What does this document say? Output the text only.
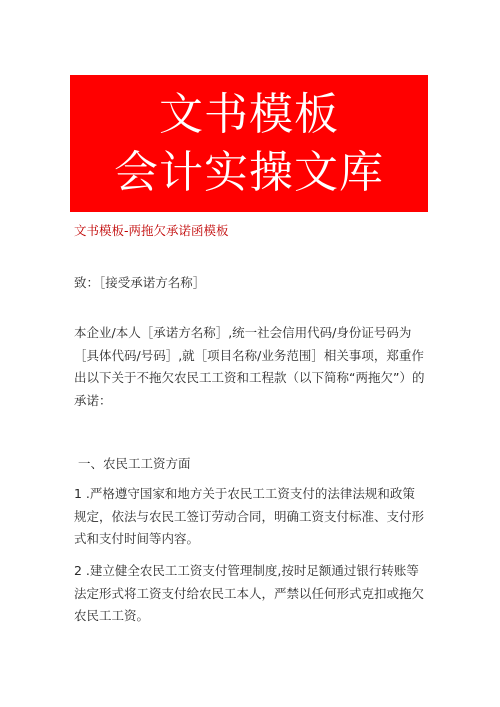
文书模板
会计实操文库
文书模板-两拖欠承诺函模板
致：［接受承诺方名称］
本企业/本人［承诺方名称］,统一社会信用代码/身份证号码为
［具体代码/号码］,就［项目名称/业务范围］相关事项，郑重作
出以下关于不拖欠农民工工资和工程款（以下简称“两拖欠”）的
承诺：
一、农民工工资方面
1 .严格遵守国家和地方关于农民工工资支付的法律法规和政策
规定，依法与农民工签订劳动合同，明确工资支付标准、支付形
式和支付时间等内容。
2 .建立健全农民工工资支付管理制度,按时足额通过银行转账等
法定形式将工资支付给农民工本人，严禁以任何形式克扣或拖欠
农民工工资。
